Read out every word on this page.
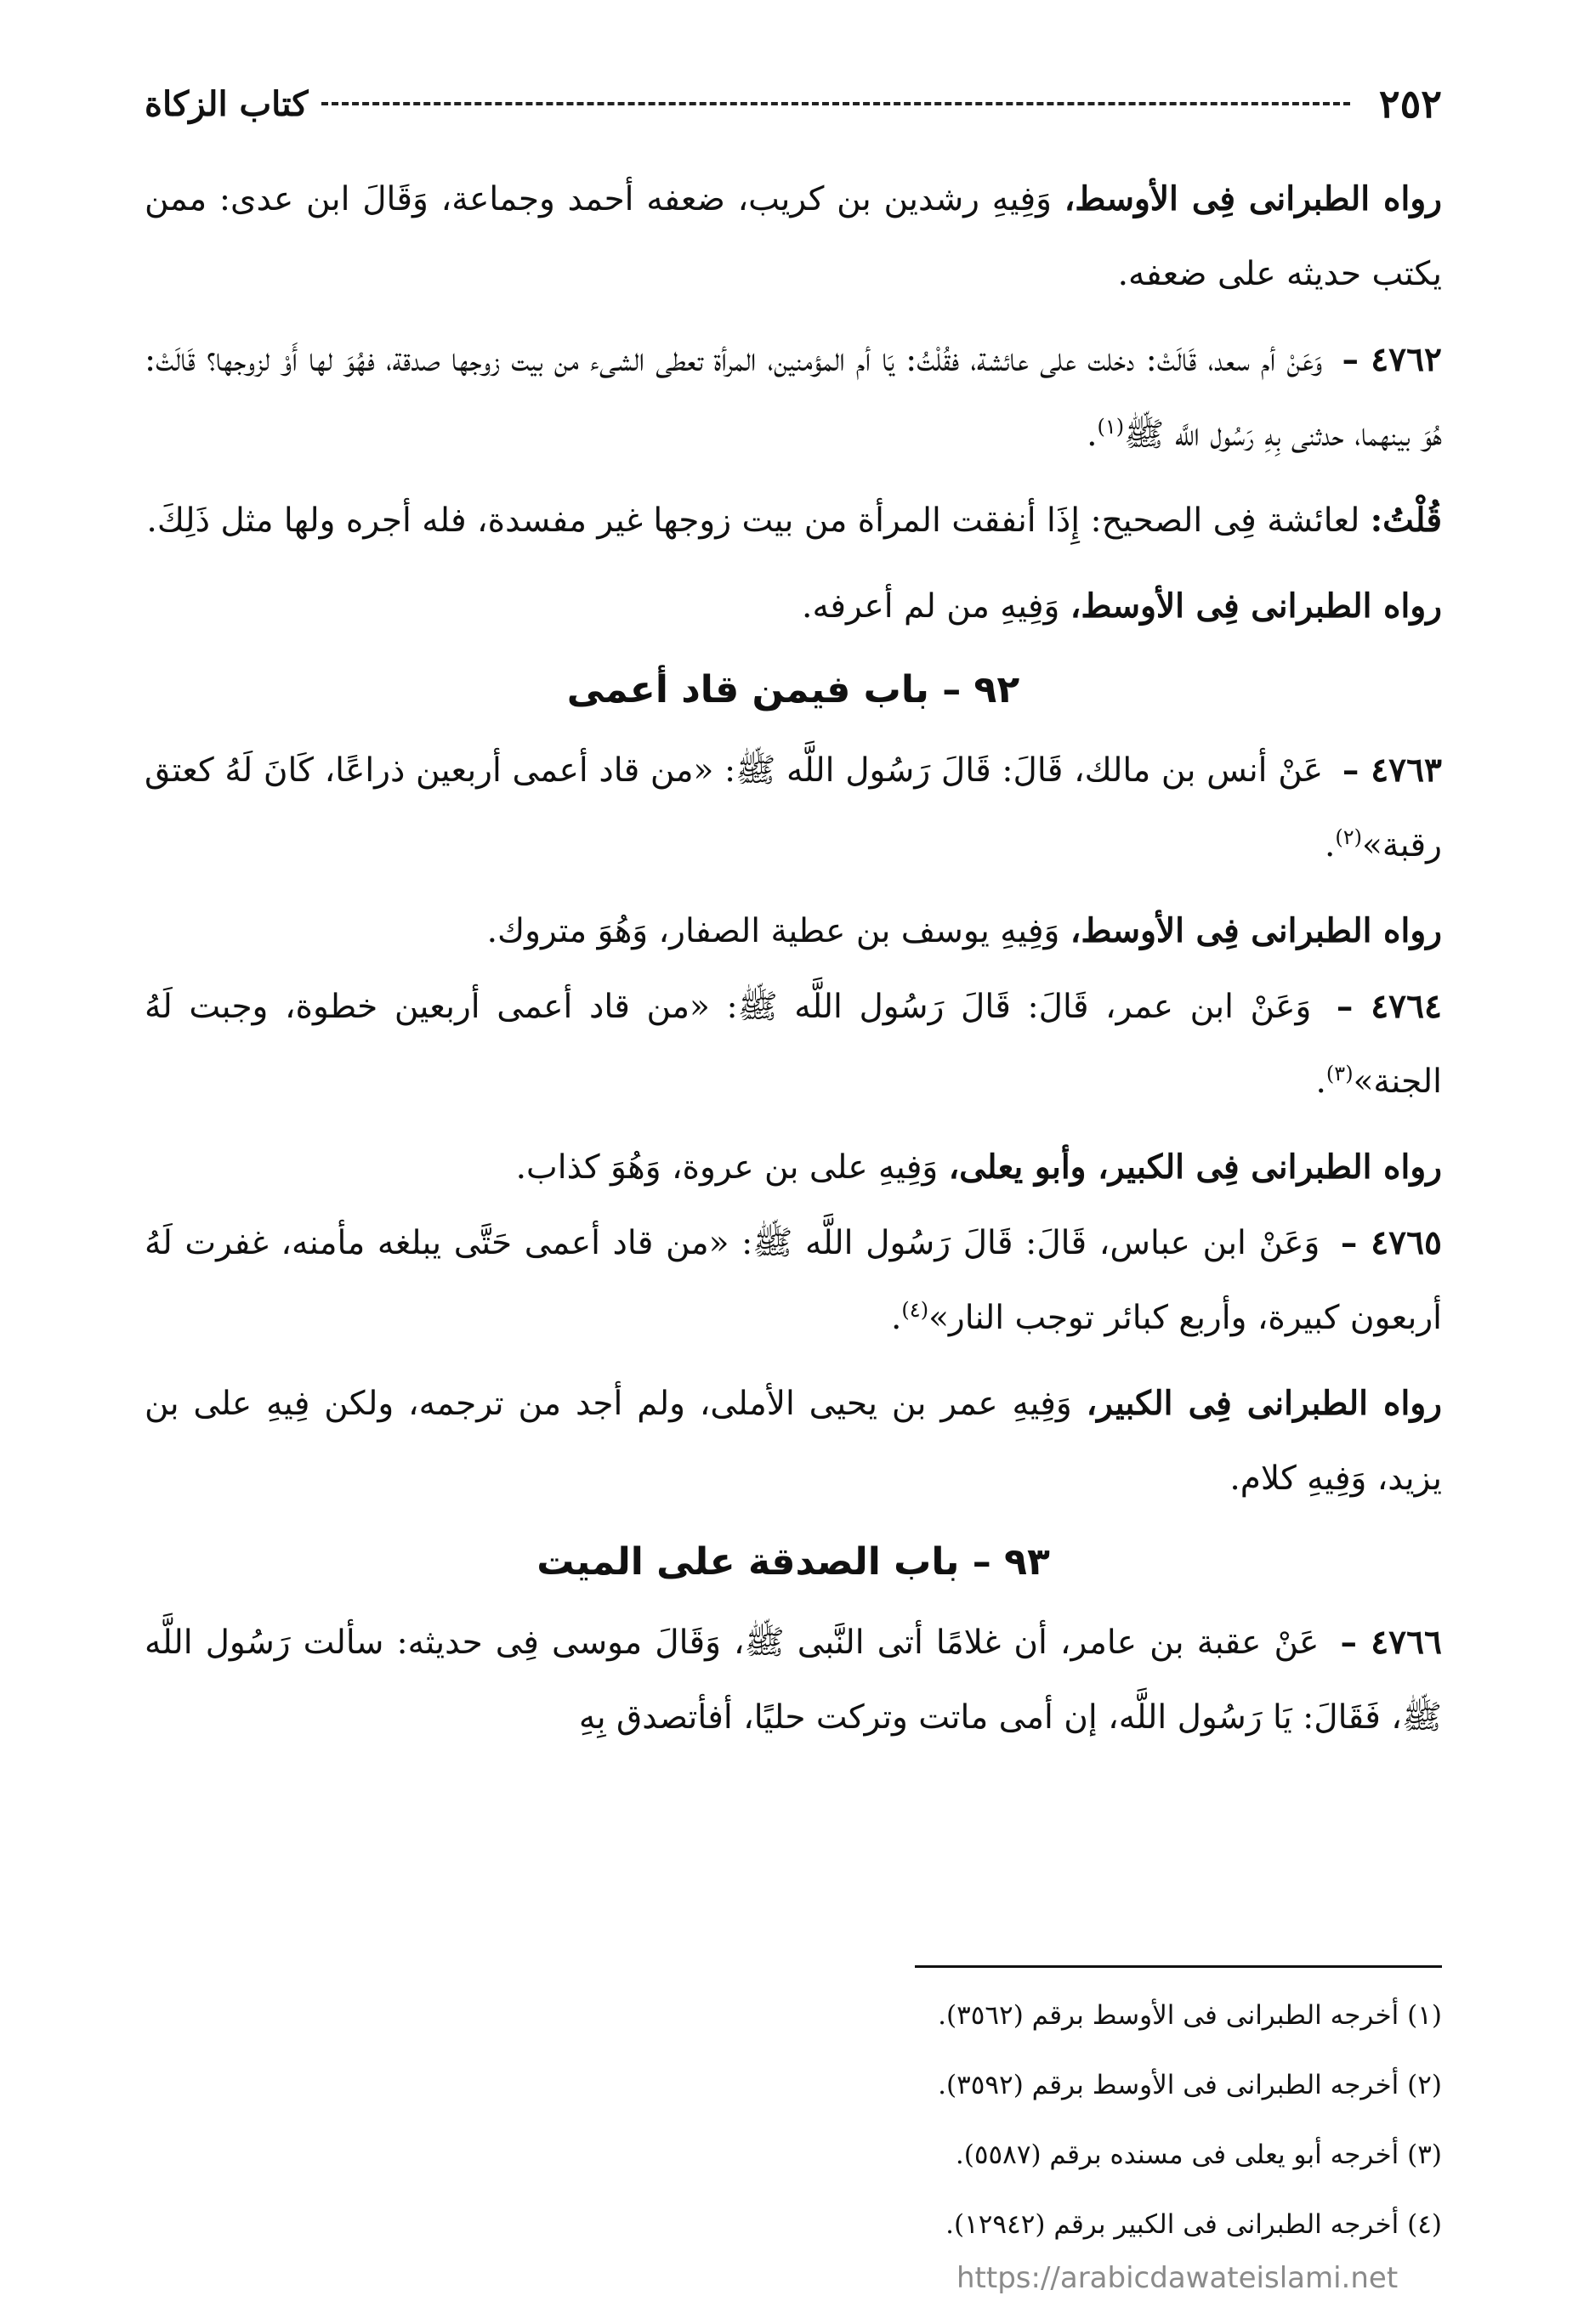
٢٥٢
كتاب الزكاة

رواه الطبرانى فِى الأوسط، وَفِيهِ رشدين بن كريب، ضعفه أحمد وجماعة، وَقَالَ ابن عدى: ممن يكتب حديثه على ضعفه.

٤٧٦٢ – وَعَنْ أم سعد، قَالَتْ: دخلت على عائشة، فقُلْتُ: يَا أم المؤمنين، المرأة تعطى الشىء من بيت زوجها صدقة، فهُوَ لها أَوْ لزوجها؟ قَالَتْ: هُوَ بينهما، حدثنى بِهِ رَسُول اللَّه ﷺ$^{(١)}$.

قُلْتُ: لعائشة فِى الصحيح: إِذَا أنفقت المرأة من بيت زوجها غير مفسدة، فله أجره ولها مثل ذَلِكَ.

رواه الطبرانى فِى الأوسط، وَفِيهِ من لم أعرفه.

٩٢ – باب فيمن قاد أعمى

٤٧٦٣ – عَنْ أنس بن مالك، قَالَ: قَالَ رَسُول اللَّه ﷺ: «من قاد أعمى أربعين ذراعًا، كَانَ لَهُ كعتق رقبة»$^{(٢)}$.

رواه الطبرانى فِى الأوسط، وَفِيهِ يوسف بن عطية الصفار، وَهُوَ متروك.

٤٧٦٤ – وَعَنْ ابن عمر، قَالَ: قَالَ رَسُول اللَّه ﷺ: «من قاد أعمى أربعين خطوة، وجبت لَهُ الجنة»$^{(٣)}$.

رواه الطبرانى فِى الكبير، وأبو يعلى، وَفِيهِ على بن عروة، وَهُوَ كذاب.

٤٧٦٥ – وَعَنْ ابن عباس، قَالَ: قَالَ رَسُول اللَّه ﷺ: «من قاد أعمى حَتَّى يبلغه مأمنه، غفرت لَهُ أربعون كبيرة، وأربع كبائر توجب النار»$^{(٤)}$.

رواه الطبرانى فِى الكبير، وَفِيهِ عمر بن يحيى الأملى، ولم أجد من ترجمه، ولكن فِيهِ على بن يزيد، وَفِيهِ كلام.

٩٣ – باب الصدقة على الميت

٤٧٦٦ – عَنْ عقبة بن عامر، أن غلامًا أتى النَّبى ﷺ، وَقَالَ موسى فِى حديثه: سألت رَسُول اللَّه ﷺ، فَقَالَ: يَا رَسُول اللَّه، إن أمى ماتت وتركت حليًا، أفأتصدق بِهِ

(١) أخرجه الطبرانى فى الأوسط برقم (٣٥٦٢).

(٢) أخرجه الطبرانى فى الأوسط برقم (٣٥٩٢).

(٣) أخرجه أبو يعلى فى مسنده برقم (٥٥٨٧).

(٤) أخرجه الطبرانى فى الكبير برقم (١٢٩٤٢).

https://arabicdawateislami.net
